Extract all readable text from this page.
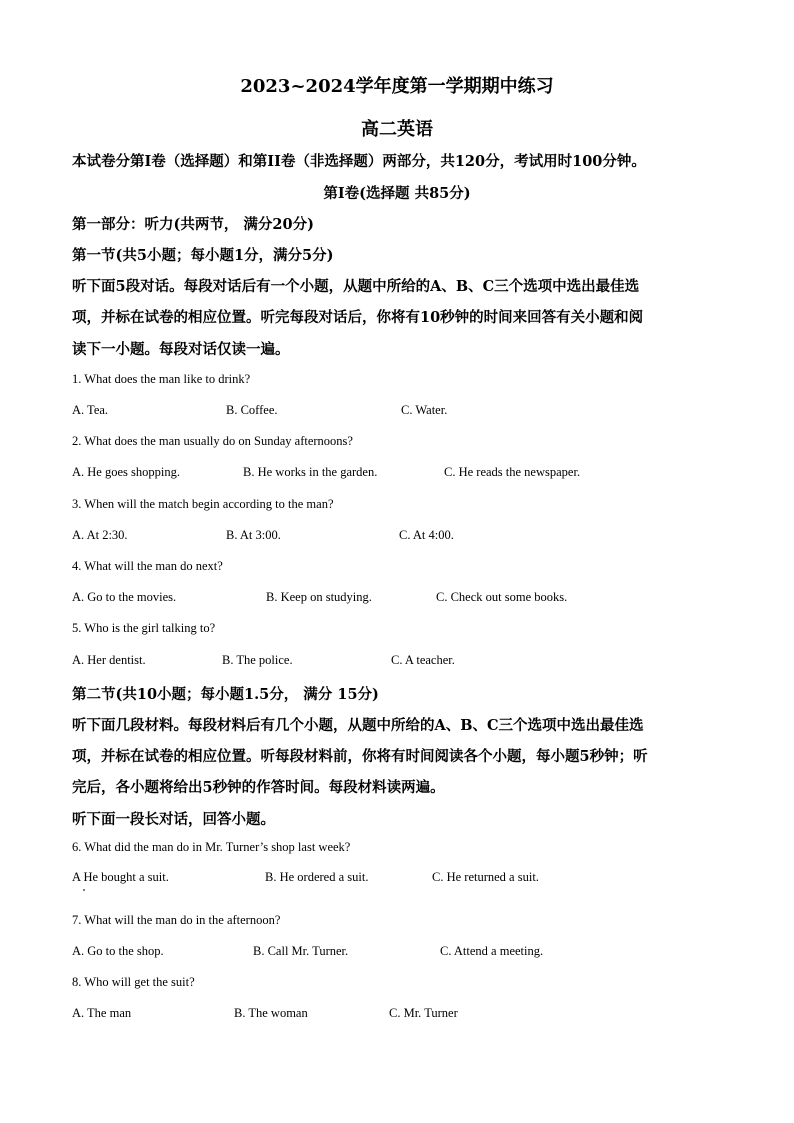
2023~2024学年度第一学期期中练习
高二英语
本试卷分第I卷（选择题）和第II卷（非选择题）两部分，共120分，考试用时100分钟。
第I卷(选择题 共85分)
第一部分：听力(共两节， 满分20分)
第一节(共5小题；每小题1分，满分5分)
听下面5段对话。每段对话后有一个小题，从题中所给的A、B、C三个选项中选出最佳选
项，并标在试卷的相应位置。听完每段对话后，你将有10秒钟的时间来回答有关小题和阅
读下一小题。每段对话仅读一遍。
1. What does the man like to drink?
A. Tea.	B. Coffee.	C. Water.
2. What does the man usually do on Sunday afternoons?
A. He goes shopping.	B. He works in the garden.	C. He reads the newspaper.
3. When will the match begin according to the man?
A. At 2:30.	B. At 3:00.	C. At 4:00.
4. What will the man do next?
A. Go to the movies.	B. Keep on studying.	C. Check out some books.
5. Who is the girl talking to?
A. Her dentist.	B. The police.	C. A teacher.
第二节(共10小题；每小题1.5分， 满分 15分)
听下面几段材料。每段材料后有几个小题，从题中所给的A、B、C三个选项中选出最佳选
项，并标在试卷的相应位置。听每段材料前，你将有时间阅读各个小题，每小题5秒钟；听
完后，各小题将给出5秒钟的作答时间。每段材料读两遍。
听下面一段长对话，回答小题。
6. What did the man do in Mr. Turner’s shop last week?
A He bought a suit.	B. He ordered a suit.	C. He returned a suit.
7. What will the man do in the afternoon?
A. Go to the shop.	B. Call Mr. Turner.	C. Attend a meeting.
8. Who will get the suit?
A. The man	B. The woman	C. Mr. Turner
